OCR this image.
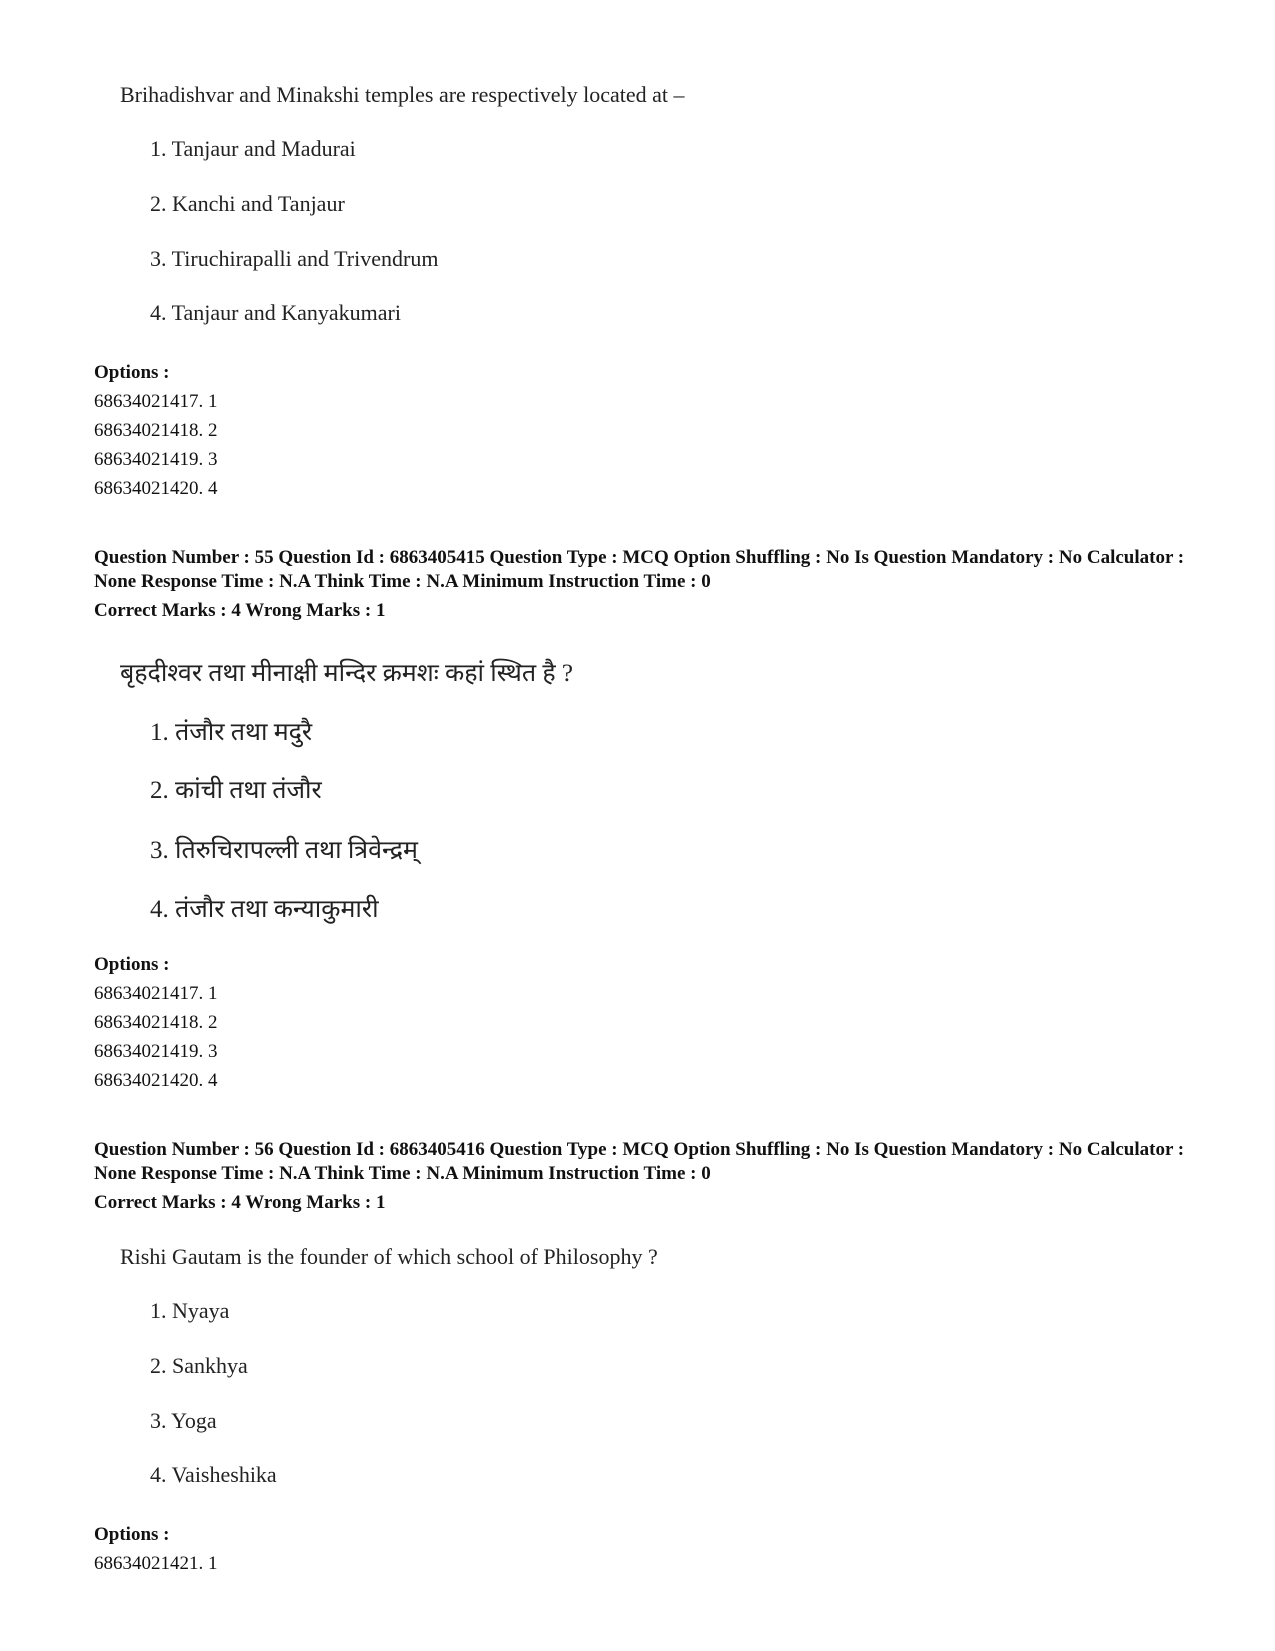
Brihadishvar and Minakshi temples are respectively located at –
1. Tanjaur and Madurai
2. Kanchi and Tanjaur
3. Tiruchirapalli and Trivendrum
4. Tanjaur and Kanyakumari
Options :
68634021417. 1
68634021418. 2
68634021419. 3
68634021420. 4
Question Number : 55 Question Id : 6863405415 Question Type : MCQ Option Shuffling : No Is Question Mandatory : No Calculator : None Response Time : N.A Think Time : N.A Minimum Instruction Time : 0
Correct Marks : 4 Wrong Marks : 1
बृहदीश्वर तथा मीनाक्षी मन्दिर क्रमशः कहां स्थित है ?
1. तंजौर तथा मदुरै
2. कांची तथा तंजौर
3. तिरुचिरापल्ली तथा त्रिवेन्द्रम्
4. तंजौर तथा कन्याकुमारी
Options :
68634021417. 1
68634021418. 2
68634021419. 3
68634021420. 4
Question Number : 56 Question Id : 6863405416 Question Type : MCQ Option Shuffling : No Is Question Mandatory : No Calculator : None Response Time : N.A Think Time : N.A Minimum Instruction Time : 0
Correct Marks : 4 Wrong Marks : 1
Rishi Gautam is the founder of which school of Philosophy ?
1. Nyaya
2. Sankhya
3. Yoga
4. Vaisheshika
Options :
68634021421. 1
